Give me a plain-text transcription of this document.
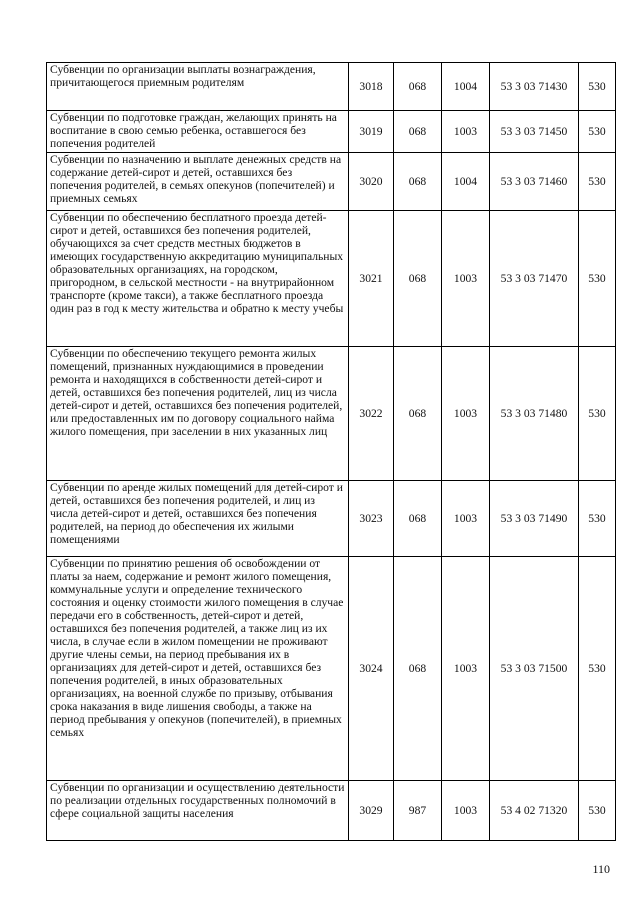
Субвенции по организации выплаты вознаграждения, причитающегося приемным родителям	3018	068	1004	53 3 03 71430	530
Субвенции по подготовке граждан, желающих принять на воспитание в свою семью ребенка, оставшегося без попечения родителей	3019	068	1003	53 3 03 71450	530
Субвенции по назначению и выплате денежных средств на содержание детей-сирот и детей, оставшихся без попечения родителей, в семьях опекунов (попечителей) и приемных семьях	3020	068	1004	53 3 03 71460	530
Субвенции по обеспечению бесплатного проезда детей-сирот и детей, оставшихся без попечения родителей, обучающихся за счет средств местных бюджетов в имеющих государственную аккредитацию муниципальных образовательных организациях, на городском, пригородном, в сельской местности - на внутрирайонном транспорте (кроме такси), а также бесплатного проезда один раз в год к месту жительства и обратно к месту учебы	3021	068	1003	53 3 03 71470	530
Субвенции по обеспечению текущего ремонта жилых помещений, признанных нуждающимися в проведении ремонта и находящихся в собственности детей-сирот и детей, оставшихся без попечения родителей, лиц из числа детей-сирот и детей, оставшихся без попечения родителей, или предоставленных им по договору социального найма жилого помещения, при заселении в них указанных лиц	3022	068	1003	53 3 03 71480	530
Субвенции по аренде жилых помещений для детей-сирот и детей, оставшихся без попечения родителей, и лиц из числа детей-сирот и детей, оставшихся без попечения родителей, на период до обеспечения их жилыми помещениями	3023	068	1003	53 3 03 71490	530
Субвенции по принятию решения об освобождении от платы за наем, содержание и ремонт жилого помещения, коммунальные услуги и определение технического состояния и оценку стоимости жилого помещения в случае передачи его в собственность, детей-сирот и детей, оставшихся без попечения родителей, а также лиц из их числа, в случае если в жилом помещении не проживают другие члены семьи, на период пребывания их в организациях для детей-сирот и детей, оставшихся без попечения родителей, в иных образовательных организациях, на военной службе по призыву, отбывания срока наказания в виде лишения свободы, а также на период пребывания у опекунов (попечителей), в приемных семьях	3024	068	1003	53 3 03 71500	530
Субвенции по организации и осуществлению деятельности по реализации отдельных государственных полномочий в сфере социальной защиты населения	3029	987	1003	53 4 02 71320	530
110
